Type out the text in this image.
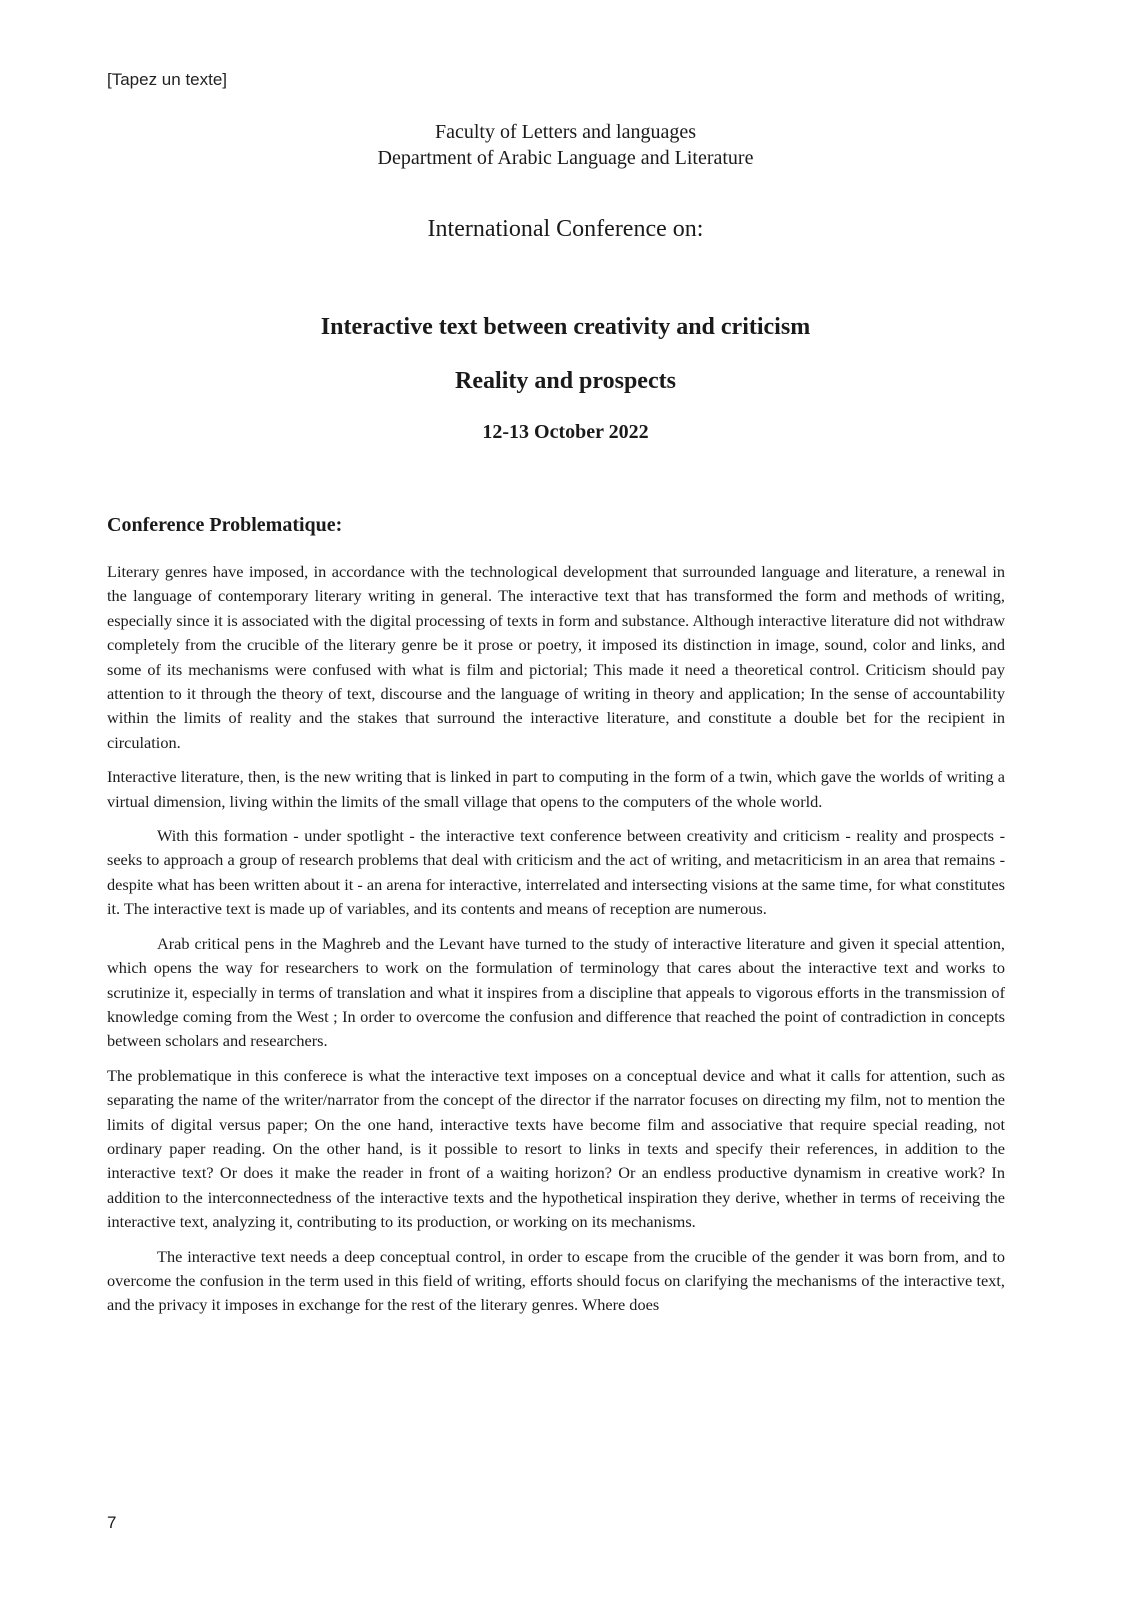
[Tapez un texte]
Faculty of Letters and languages
Department of Arabic Language and Literature
International Conference on:
Interactive text between creativity and criticism
Reality and prospects
12-13 October 2022
Conference Problematique:

Literary genres have imposed, in accordance with the technological development that surrounded language and literature, a renewal in the language of contemporary literary writing in general. The interactive text that has transformed the form and methods of writing, especially since it is associated with the digital processing of texts in form and substance. Although interactive literature did not withdraw completely from the crucible of the literary genre be it prose or poetry, it imposed its distinction in image, sound, color and links, and some of its mechanisms were confused with what is film and pictorial; This made it need a theoretical control. Criticism should pay attention to it through the theory of text, discourse and the language of writing in theory and application; In the sense of accountability within the limits of reality and the stakes that surround the interactive literature, and constitute a double bet for the recipient in circulation.

Interactive literature, then, is the new writing that is linked in part to computing in the form of a twin, which gave the worlds of writing a virtual dimension, living within the limits of the small village that opens to the computers of the whole world.

With this formation - under spotlight - the interactive text conference between creativity and criticism - reality and prospects - seeks to approach a group of research problems that deal with criticism and the act of writing, and metacriticism in an area that remains - despite what has been written about it - an arena for interactive, interrelated and intersecting visions at the same time, for what constitutes it. The interactive text is made up of variables, and its contents and means of reception are numerous.

Arab critical pens in the Maghreb and the Levant have turned to the study of interactive literature and given it special attention, which opens the way for researchers to work on the formulation of terminology that cares about the interactive text and works to scrutinize it, especially in terms of translation and what it inspires from a discipline that appeals to vigorous efforts in the transmission of knowledge coming from the West ; In order to overcome the confusion and difference that reached the point of contradiction in concepts between scholars and researchers.

The problematique in this conferece is what the interactive text imposes on a conceptual device and what it calls for attention, such as separating the name of the writer/narrator from the concept of the director if the narrator focuses on directing my film, not to mention the limits of digital versus paper; On the one hand, interactive texts have become film and associative that require special reading, not ordinary paper reading. On the other hand, is it possible to resort to links in texts and specify their references, in addition to the interactive text? Or does it make the reader in front of a waiting horizon? Or an endless productive dynamism in creative work? In addition to the interconnectedness of the interactive texts and the hypothetical inspiration they derive, whether in terms of receiving the interactive text, analyzing it, contributing to its production, or working on its mechanisms.

The interactive text needs a deep conceptual control, in order to escape from the crucible of the gender it was born from, and to overcome the confusion in the term used in this field of writing, efforts should focus on clarifying the mechanisms of the interactive text, and the privacy it imposes in exchange for the rest of the literary genres. Where does

7
